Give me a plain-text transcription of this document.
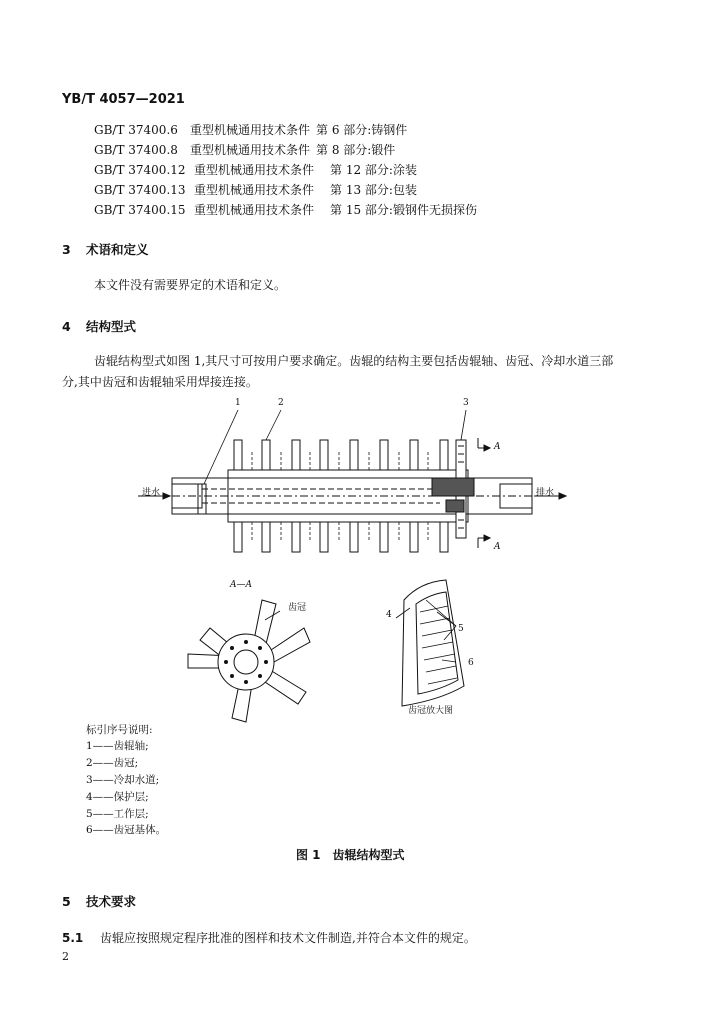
YB/T 4057—2021
GB/T 37400.6 重型机械通用技术条件 第 6 部分:铸钢件
GB/T 37400.8 重型机械通用技术条件 第 8 部分:锻件
GB/T 37400.12 重型机械通用技术条件 第 12 部分:涂装
GB/T 37400.13 重型机械通用技术条件 第 13 部分:包装
GB/T 37400.15 重型机械通用技术条件 第 15 部分:锻钢件无损探伤
3 术语和定义
本文件没有需要界定的术语和定义。
4 结构型式
齿辊结构型式如图 1,其尺寸可按用户要求确定。齿辊的结构主要包括齿辊轴、齿冠、冷却水道三部
分,其中齿冠和齿辊轴采用焊接连接。
1	2	3
进水	排水
A
A
A—A
齿冠
4
5
6
齿冠放大图
标引序号说明:
1——齿辊轴;
2——齿冠;
3——冷却水道;
4——保护层;
5——工作层;
6——齿冠基体。
图 1　齿辊结构型式
5 技术要求
5.1 齿辊应按照规定程序批准的图样和技术文件制造,并符合本文件的规定。
2
